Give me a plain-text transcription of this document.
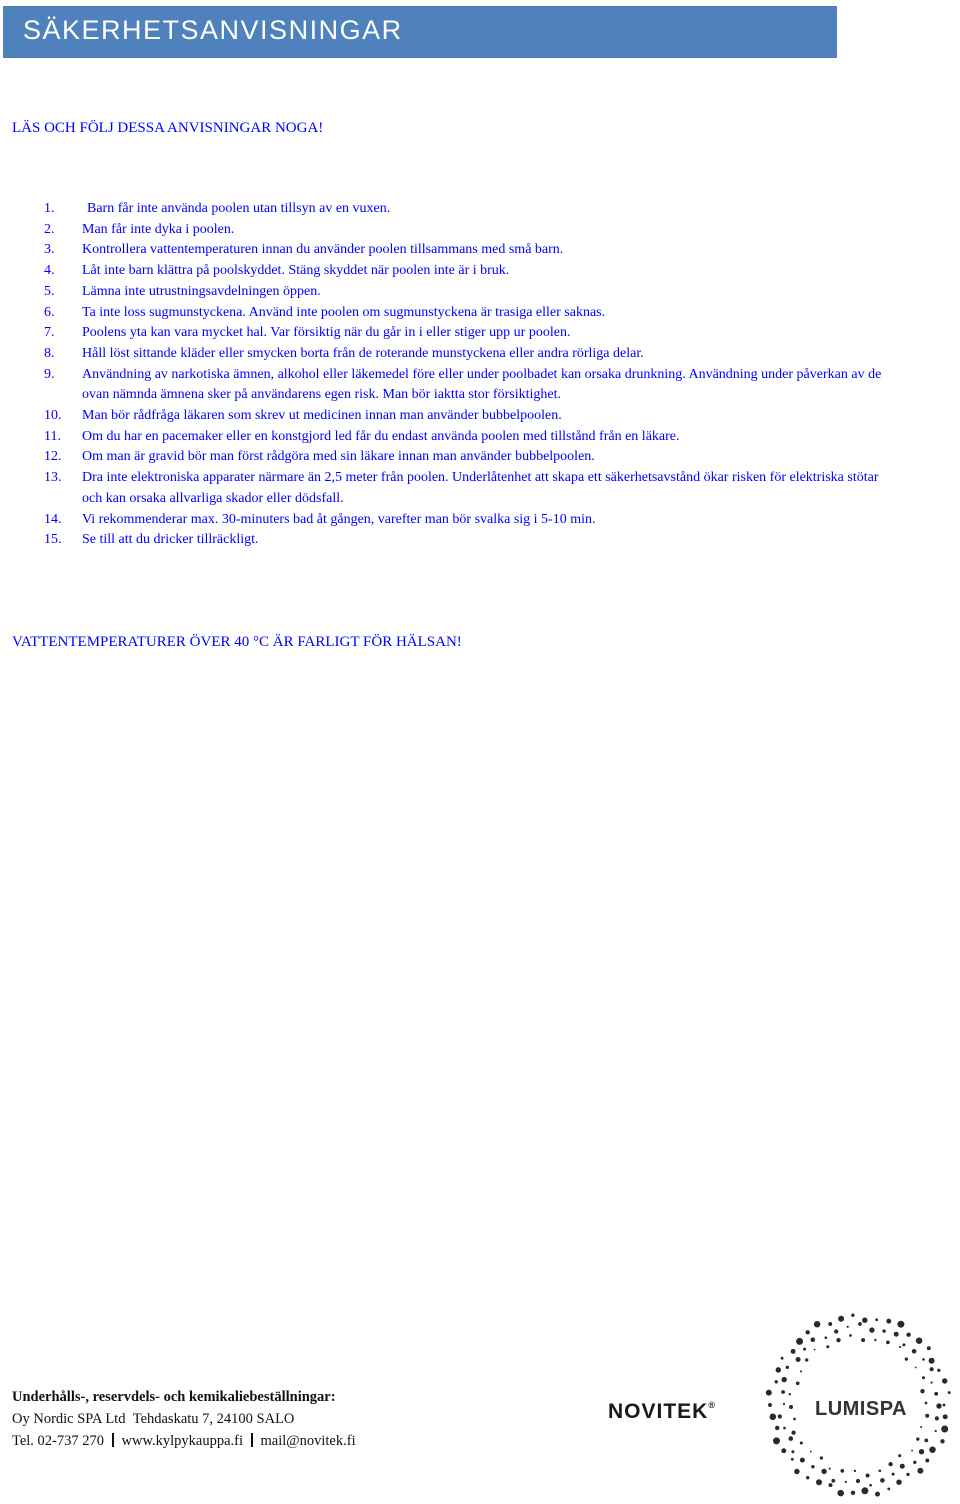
SÄKERHETSANVISNINGAR

LÄS OCH FÖLJ DESSA ANVISNINGAR NOGA!

1.	Barn får inte använda poolen utan tillsyn av en vuxen.
2.	Man får inte dyka i poolen.
3.	Kontrollera vattentemperaturen innan du använder poolen tillsammans med små barn.
4.	Låt inte barn klättra på poolskyddet. Stäng skyddet när poolen inte är i bruk.
5.	Lämna inte utrustningsavdelningen öppen.
6.	Ta inte loss sugmunstyckena. Använd inte poolen om sugmunstyckena är trasiga eller saknas.
7.	Poolens yta kan vara mycket hal. Var försiktig när du går in i eller stiger upp ur poolen.
8.	Håll löst sittande kläder eller smycken borta från de roterande munstyckena eller andra rörliga delar.
9.	Användning av narkotiska ämnen, alkohol eller läkemedel före eller under poolbadet kan orsaka drunkning. Användning under påverkan av de ovan nämnda ämnena sker på användarens egen risk. Man bör iaktta stor försiktighet.
10.	Man bör rådfråga läkaren som skrev ut medicinen innan man använder bubbelpoolen.
11.	Om du har en pacemaker eller en konstgjord led får du endast använda poolen med tillstånd från en läkare.
12.	Om man är gravid bör man först rådgöra med sin läkare innan man använder bubbelpoolen.
13.	Dra inte elektroniska apparater närmare än 2,5 meter från poolen. Underlåtenhet att skapa ett säkerhetsavstånd ökar risken för elektriska stötar och kan orsaka allvarliga skador eller dödsfall.
14.	Vi rekommenderar max. 30-minuters bad åt gången, varefter man bör svalka sig i 5-10 min.
15.	Se till att du dricker tillräckligt.

VATTENTEMPERATURER ÖVER 40 °C ÄR FARLIGT FÖR HÄLSAN!

Underhålls-, reservdels- och kemikaliebeställningar:
Oy Nordic SPA Ltd Tehdaskatu 7, 24100 SALO
Tel. 02-737 270 www.kylpykauppa.fi mail@novitek.fi
NOVITEK®	LUMISPA
